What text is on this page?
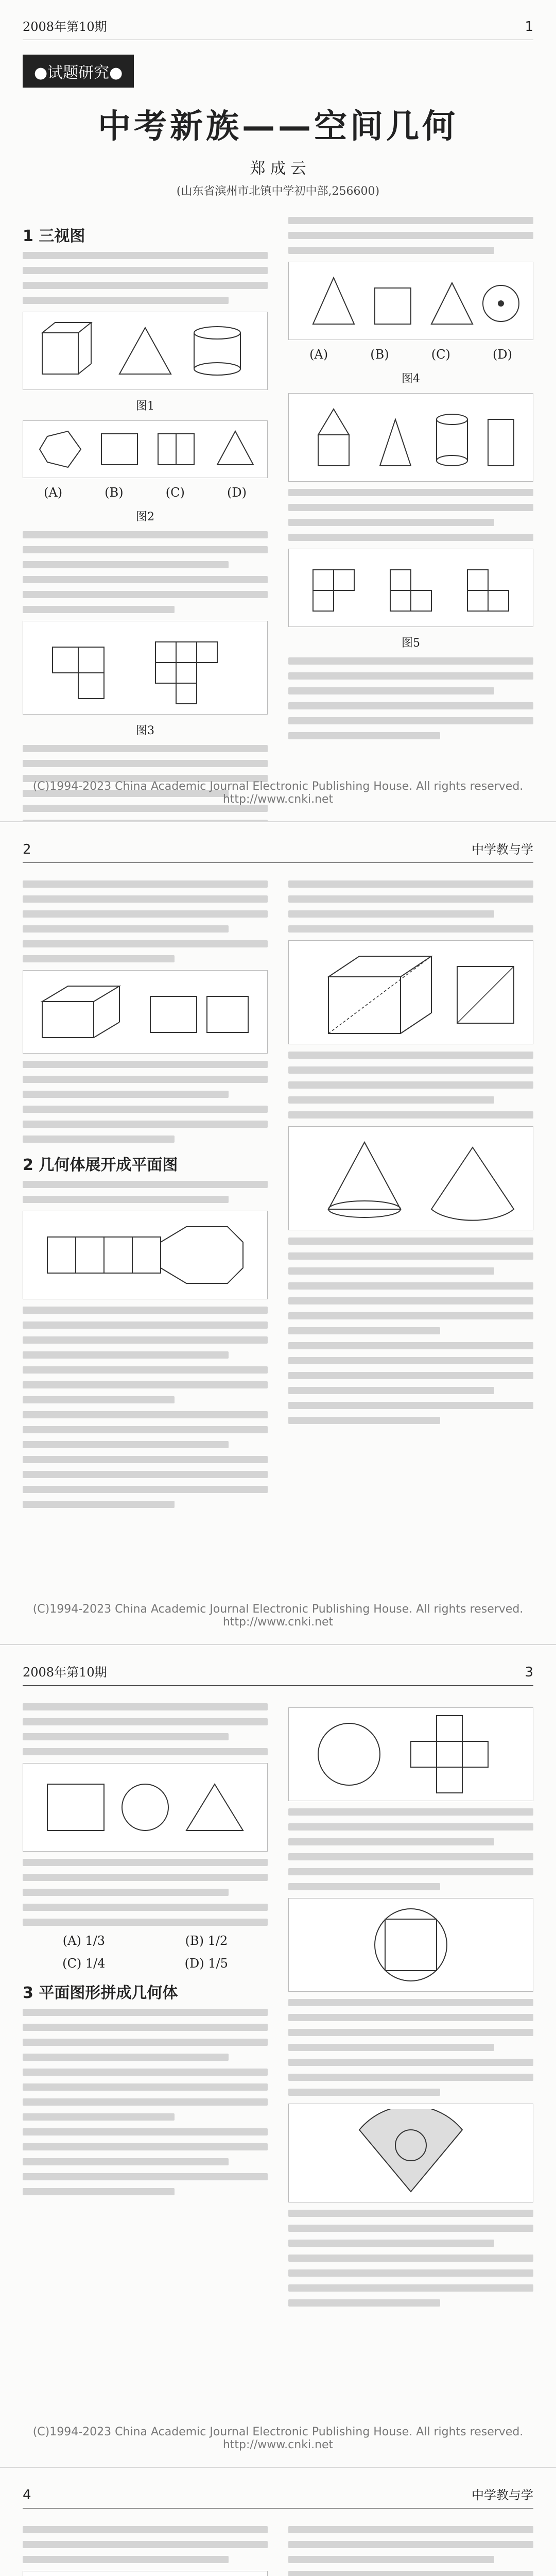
2008年第10期	1
●试题研究●
中考新族——空间几何
郑 成 云
(山东省滨州市北镇中学初中部,256600)
1 三视图
图1
(A)	(B)	(C)	(D)
图2
图3
(A)	(B)	(C)	(D)
图4
图5
(C)1994-2023 China Academic Journal Electronic Publishing House. All rights reserved. http://www.cnki.net
2	中学教与学
2 几何体展开成平面图
(C)1994-2023 China Academic Journal Electronic Publishing House. All rights reserved. http://www.cnki.net
2008年第10期	3
(A) 1/3	(B) 1/2
(C) 1/4	(D) 1/5
3 平面图形拼成几何体
(C)1994-2023 China Academic Journal Electronic Publishing House. All rights reserved. http://www.cnki.net
4	中学教与学
